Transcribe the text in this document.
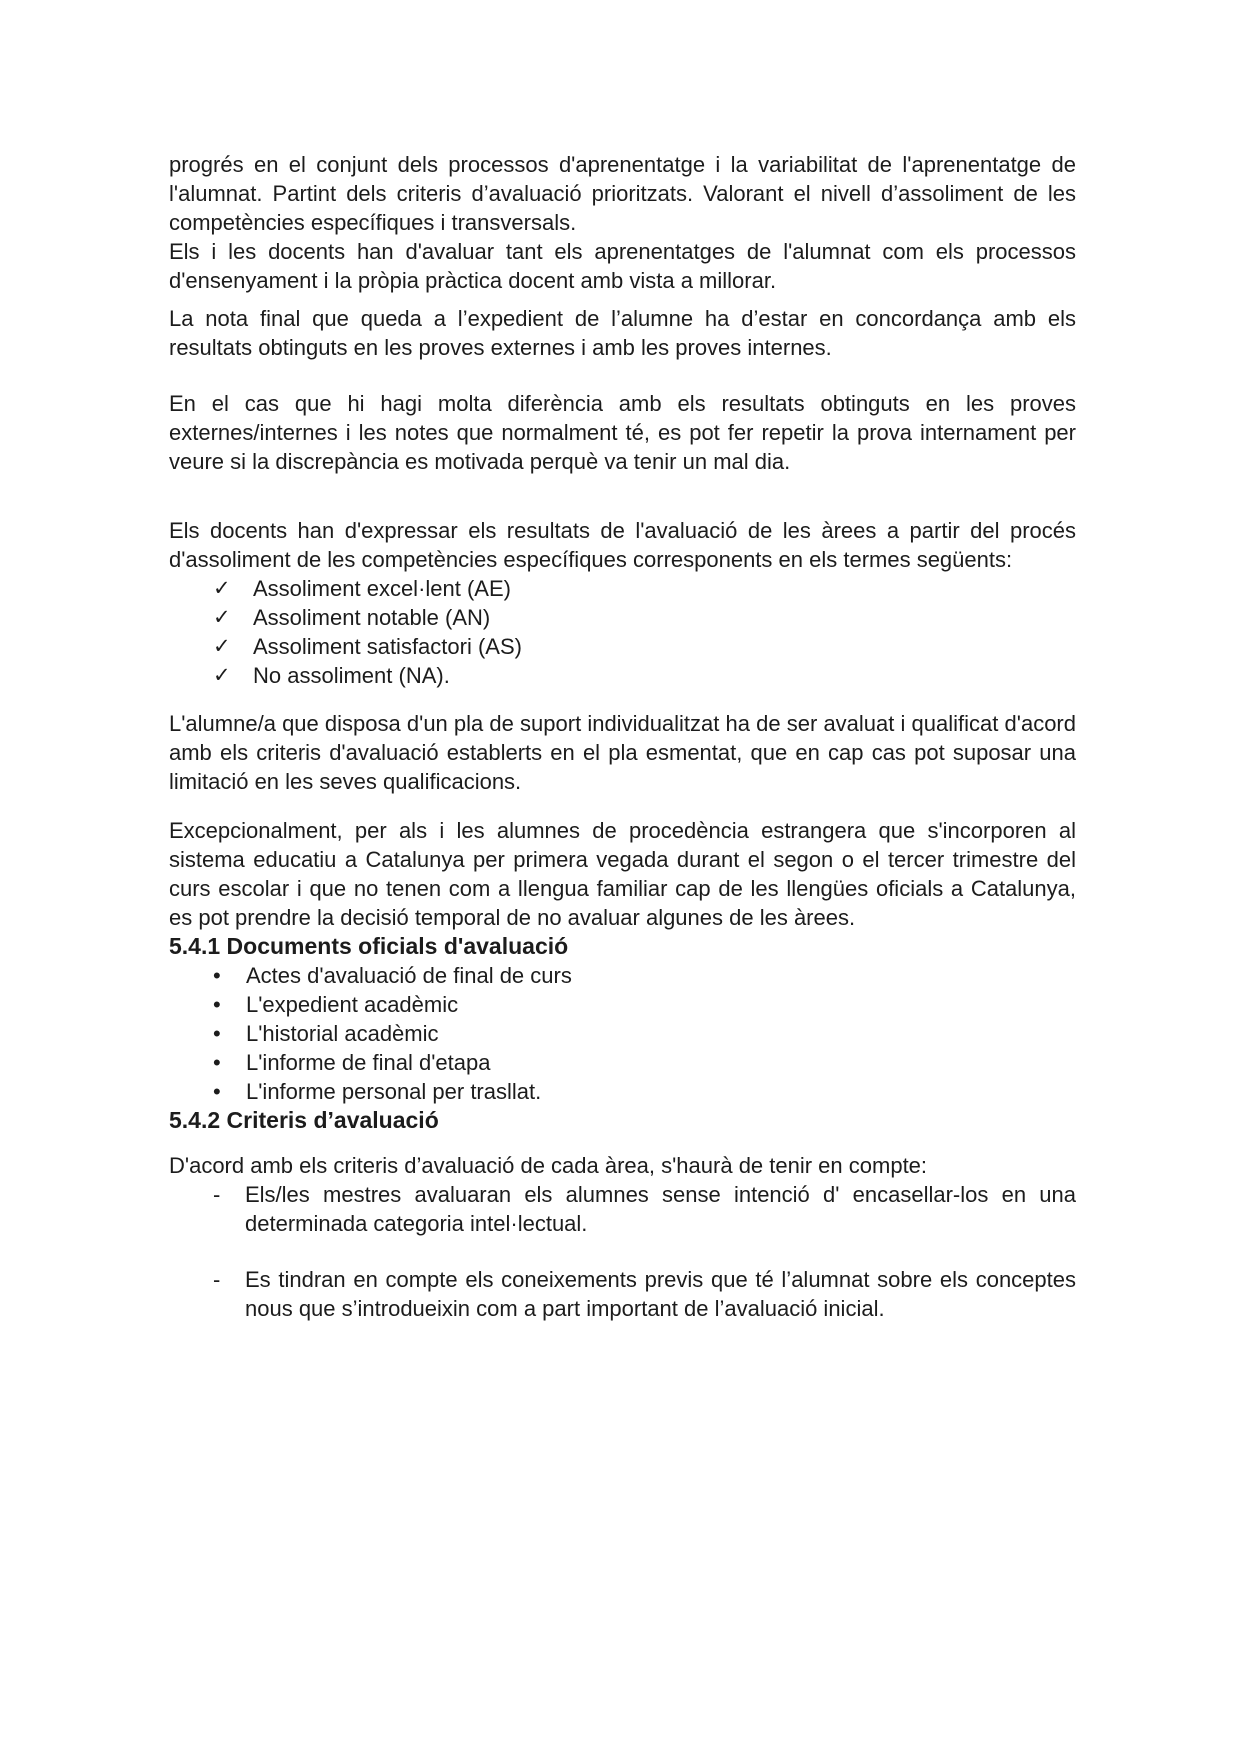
progrés en el conjunt dels processos d'aprenentatge i la variabilitat de l'aprenentatge de l'alumnat. Partint dels criteris d’avaluació prioritzats. Valorant el nivell d’assoliment de les competències específiques i transversals.

Els i les docents han d'avaluar tant els aprenentatges de l'alumnat com els processos d'ensenyament i la pròpia pràctica docent amb vista a millorar.

La nota final que queda a l’expedient de l’alumne ha d’estar en concordança amb els resultats obtinguts en les proves externes i amb les proves internes.

En el cas que hi hagi molta diferència amb els resultats obtinguts en les proves externes/internes i les notes que normalment té, es pot fer repetir la prova internament per veure si la discrepància es motivada perquè va tenir un mal dia.

Els docents han d'expressar els resultats de l'avaluació de les àrees a partir del procés d'assoliment de les competències específiques corresponents en els termes següents:

✓ Assoliment excel·lent (AE)
✓ Assoliment notable (AN)
✓ Assoliment satisfactori (AS)
✓ No assoliment (NA).

L'alumne/a que disposa d'un pla de suport individualitzat ha de ser avaluat i qualificat d'acord amb els criteris d'avaluació establerts en el pla esmentat, que en cap cas pot suposar una limitació en les seves qualificacions.

Excepcionalment, per als i les alumnes de procedència estrangera que s'incorporen al sistema educatiu a Catalunya per primera vegada durant el segon o el tercer trimestre del curs escolar i que no tenen com a llengua familiar cap de les llengües oficials a Catalunya, es pot prendre la decisió temporal de no avaluar algunes de les àrees.

5.4.1 Documents oficials d'avaluació
• Actes d'avaluació de final de curs
• L'expedient acadèmic
• L'historial acadèmic
• L'informe de final d'etapa
• L'informe personal per trasllat.
5.4.2 Criteris d’avaluació

D'acord amb els criteris d’avaluació de cada àrea, s'haurà de tenir en compte:

- Els/les mestres avaluaran els alumnes sense intenció d' encasellar-los en una determinada categoria intel·lectual.
- Es tindran en compte els coneixements previs que té l’alumnat sobre els conceptes nous que s’introdueixin com a part important de l’avaluació inicial.
